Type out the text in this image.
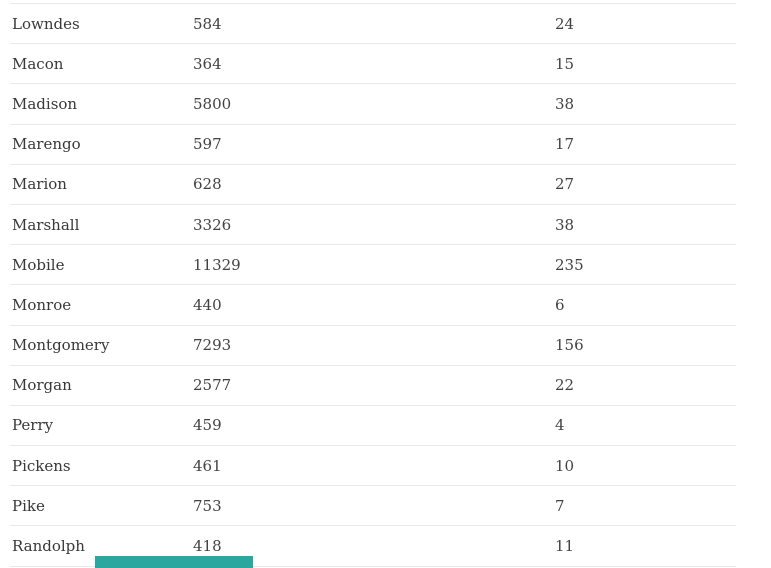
Lowndes	584	24
Macon	364	15
Madison	5800	38
Marengo	597	17
Marion	628	27
Marshall	3326	38
Mobile	11329	235
Monroe	440	6
Montgomery	7293	156
Morgan	2577	22
Perry	459	4
Pickens	461	10
Pike	753	7
Randolph	418	11
